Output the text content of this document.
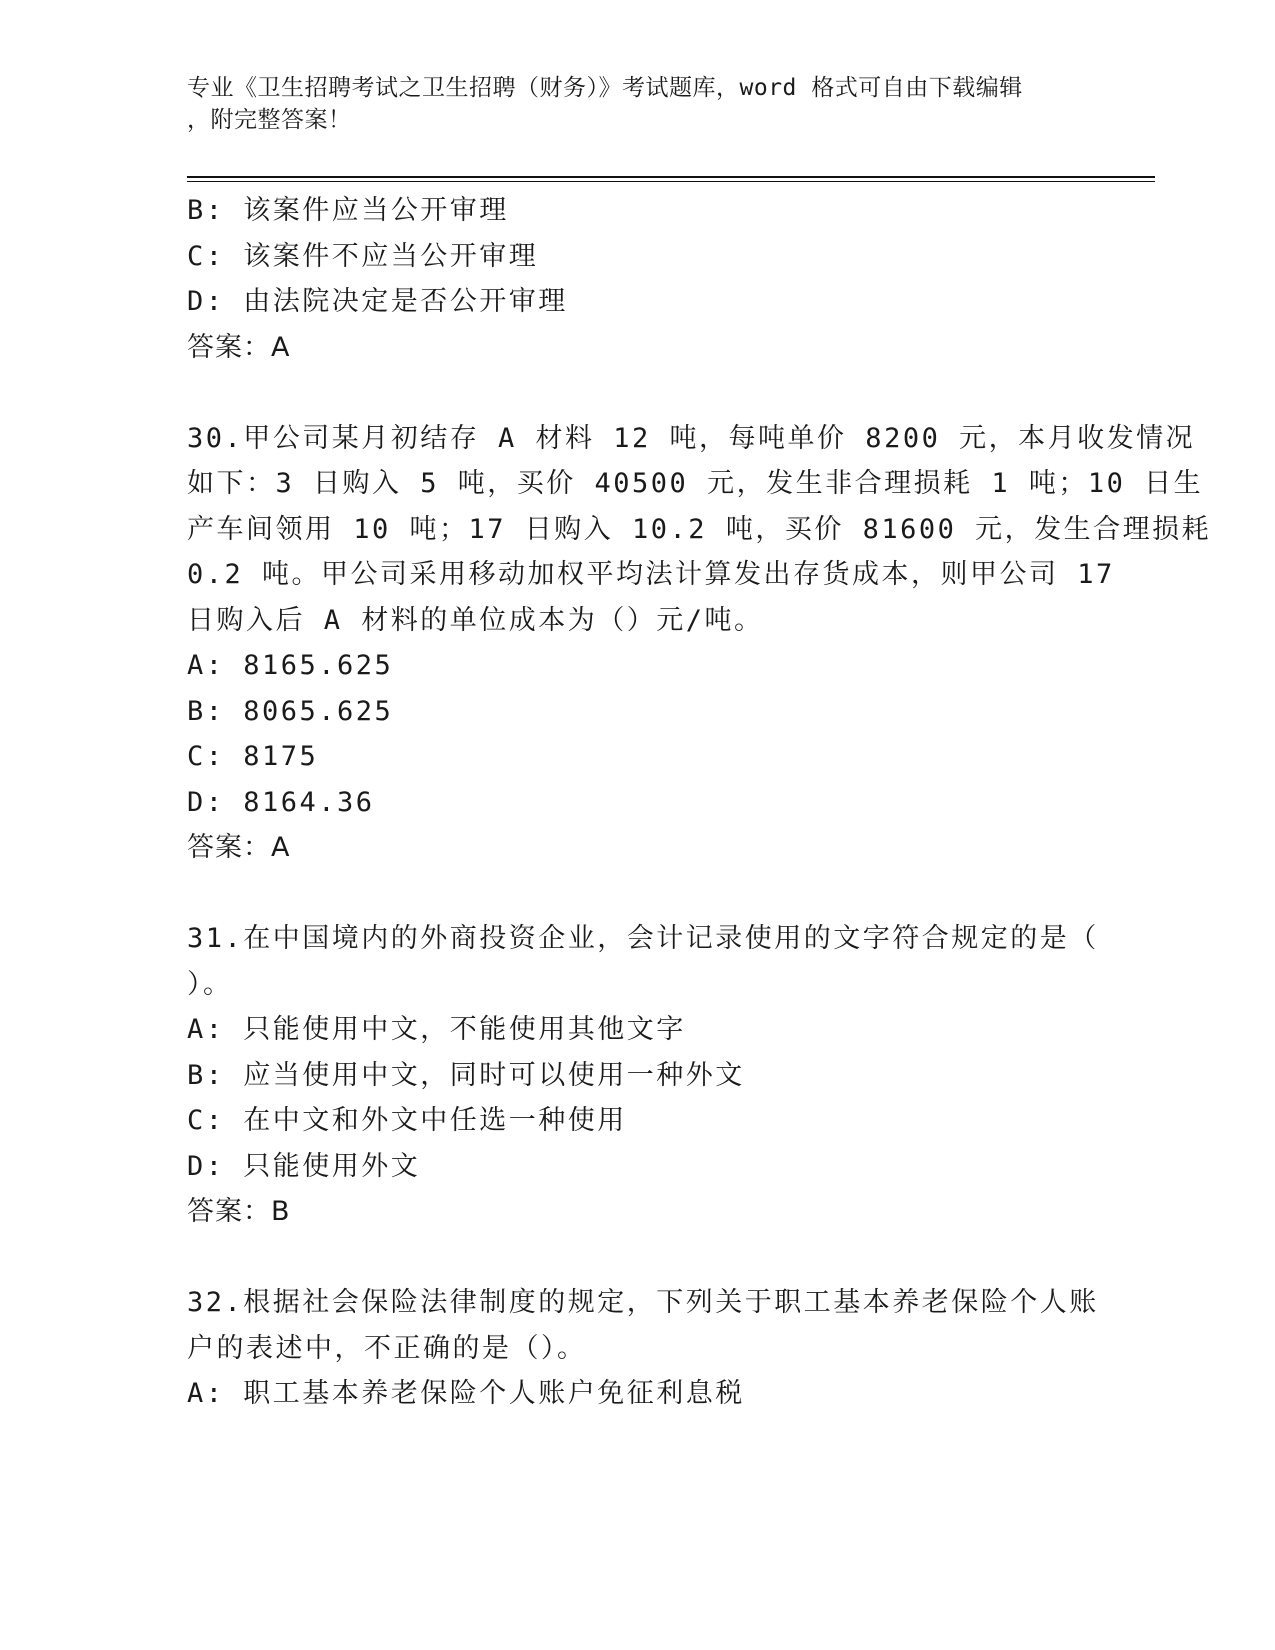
专业《卫生招聘考试之卫生招聘（财务）》考试题库，word 格式可自由下载编辑
，附完整答案！
B: 该案件应当公开审理
C: 该案件不应当公开审理
D: 由法院决定是否公开审理
答案：A
30.甲公司某月初结存 A 材料 12 吨，每吨单价 8200 元，本月收发情况
如下：3 日购入 5 吨，买价 40500 元，发生非合理损耗 1 吨；10 日生
产车间领用 10 吨；17 日购入 10.2 吨，买价 81600 元，发生合理损耗
0.2 吨。甲公司采用移动加权平均法计算发出存货成本，则甲公司 17
日购入后 A 材料的单位成本为（）元/吨。
A: 8165.625
B: 8065.625
C: 8175
D: 8164.36
答案：A
31.在中国境内的外商投资企业，会计记录使用的文字符合规定的是（
）。
A: 只能使用中文，不能使用其他文字
B: 应当使用中文，同时可以使用一种外文
C: 在中文和外文中任选一种使用
D: 只能使用外文
答案：B
32.根据社会保险法律制度的规定，下列关于职工基本养老保险个人账
户的表述中，不正确的是（）。
A: 职工基本养老保险个人账户免征利息税
